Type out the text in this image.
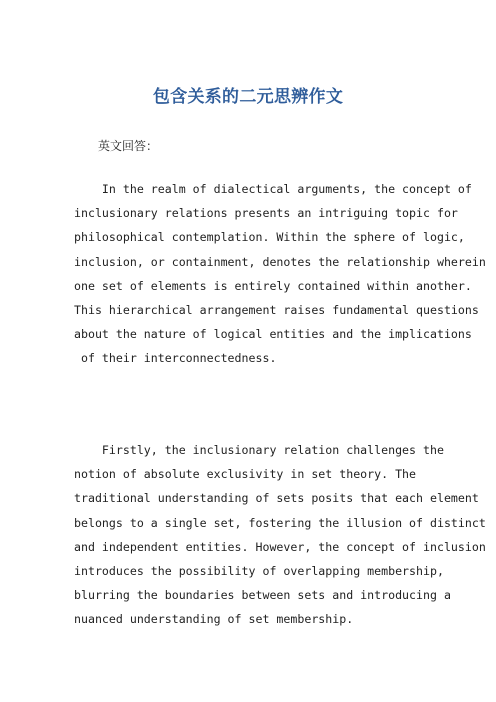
包含关系的二元思辨作文
英文回答：

In the realm of dialectical arguments, the concept of
inclusionary relations presents an intriguing topic for
philosophical contemplation. Within the sphere of logic,
inclusion, or containment, denotes the relationship wherein
one set of elements is entirely contained within another.
This hierarchical arrangement raises fundamental questions
about the nature of logical entities and the implications
of their interconnectedness.

Firstly, the inclusionary relation challenges the
notion of absolute exclusivity in set theory. The
traditional understanding of sets posits that each element
belongs to a single set, fostering the illusion of distinct
and independent entities. However, the concept of inclusion
introduces the possibility of overlapping membership,
blurring the boundaries between sets and introducing a
nuanced understanding of set membership.
